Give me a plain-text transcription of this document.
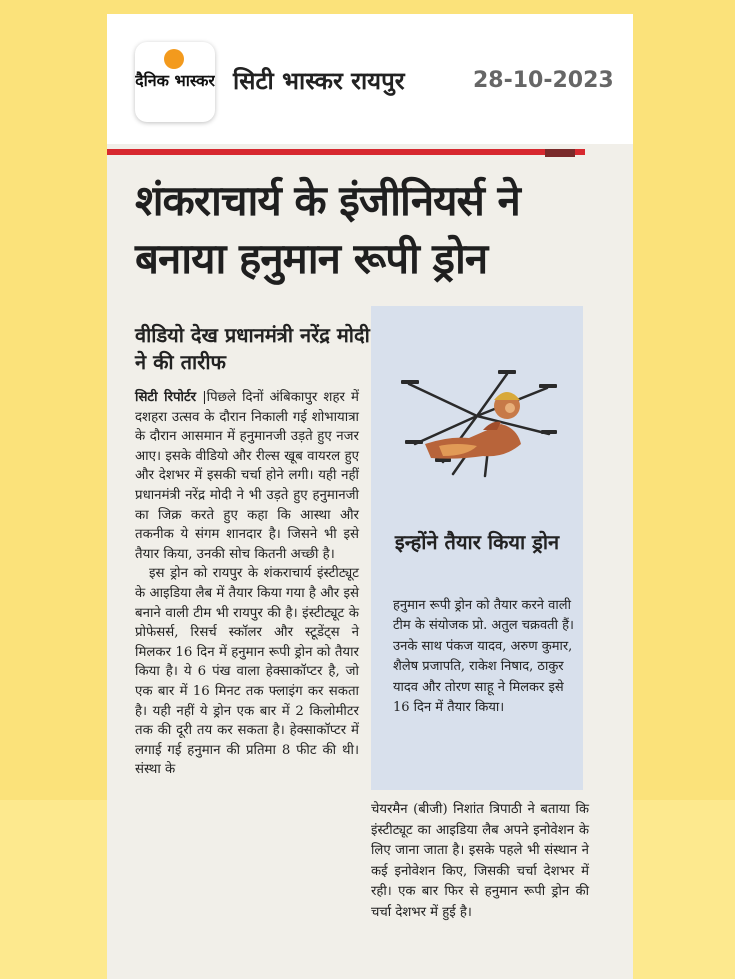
दैनिक भास्कर सिटी भास्कर रायपुर	28-10-2023
शंकराचार्य के इंजीनियर्स ने बनाया हनुमान रूपी ड्रोन
वीडियो देख प्रधानमंत्री नरेंद्र मोदी ने की तारीफ

सिटी रिपोर्टर |पिछले दिनों अंबिकापुर शहर में दशहरा उत्सव के दौरान निकाली गई शोभायात्रा के दौरान आसमान में हनुमानजी उड़ते हुए नजर आए। इसके वीडियो और रील्स खूब वायरल हुए और देशभर में इसकी चर्चा होने लगी। यही नहीं प्रधानमंत्री नरेंद्र मोदी ने भी उड़ते हुए हनुमानजी का जिक्र करते हुए कहा कि आस्था और तकनीक ये संगम शानदार है। जिसने भी इसे तैयार किया, उनकी सोच कितनी अच्छी है।

इस ड्रोन को रायपुर के शंकराचार्य इंस्टीट्यूट के आइडिया लैब में तैयार किया गया है और इसे बनाने वाली टीम भी रायपुर की है। इंस्टीट्यूट के प्रोफेसर्स, रिसर्च स्कॉलर और स्टूडेंट्स ने मिलकर 16 दिन में हनुमान रूपी ड्रोन को तैयार किया है। ये 6 पंख वाला हेक्साकॉप्टर है, जो एक बार में 16 मिनट तक फ्लाइंग कर सकता है। यही नहीं ये ड्रोन एक बार में 2 किलोमीटर तक की दूरी तय कर सकता है। हेक्साकॉप्टर में लगाई गई हनुमान की प्रतिमा 8 फीट की थी। संस्था के

इन्होंने तैयार किया ड्रोन
हनुमान रूपी ड्रोन को तैयार करने वाली टीम के संयोजक प्रो. अतुल चक्रवती हैं। उनके साथ पंकज यादव, अरुण कुमार, शैलेष प्रजापति, राकेश निषाद, ठाकुर यादव और तोरण साहू ने मिलकर इसे 16 दिन में तैयार किया।
चेयरमैन (बीजी) निशांत त्रिपाठी ने बताया कि इंस्टीट्यूट का आइडिया लैब अपने इनोवेशन के लिए जाना जाता है। इसके पहले भी संस्थान ने कई इनोवेशन किए, जिसकी चर्चा देशभर में रही। एक बार फिर से हनुमान रूपी ड्रोन की चर्चा देशभर में हुई है।
